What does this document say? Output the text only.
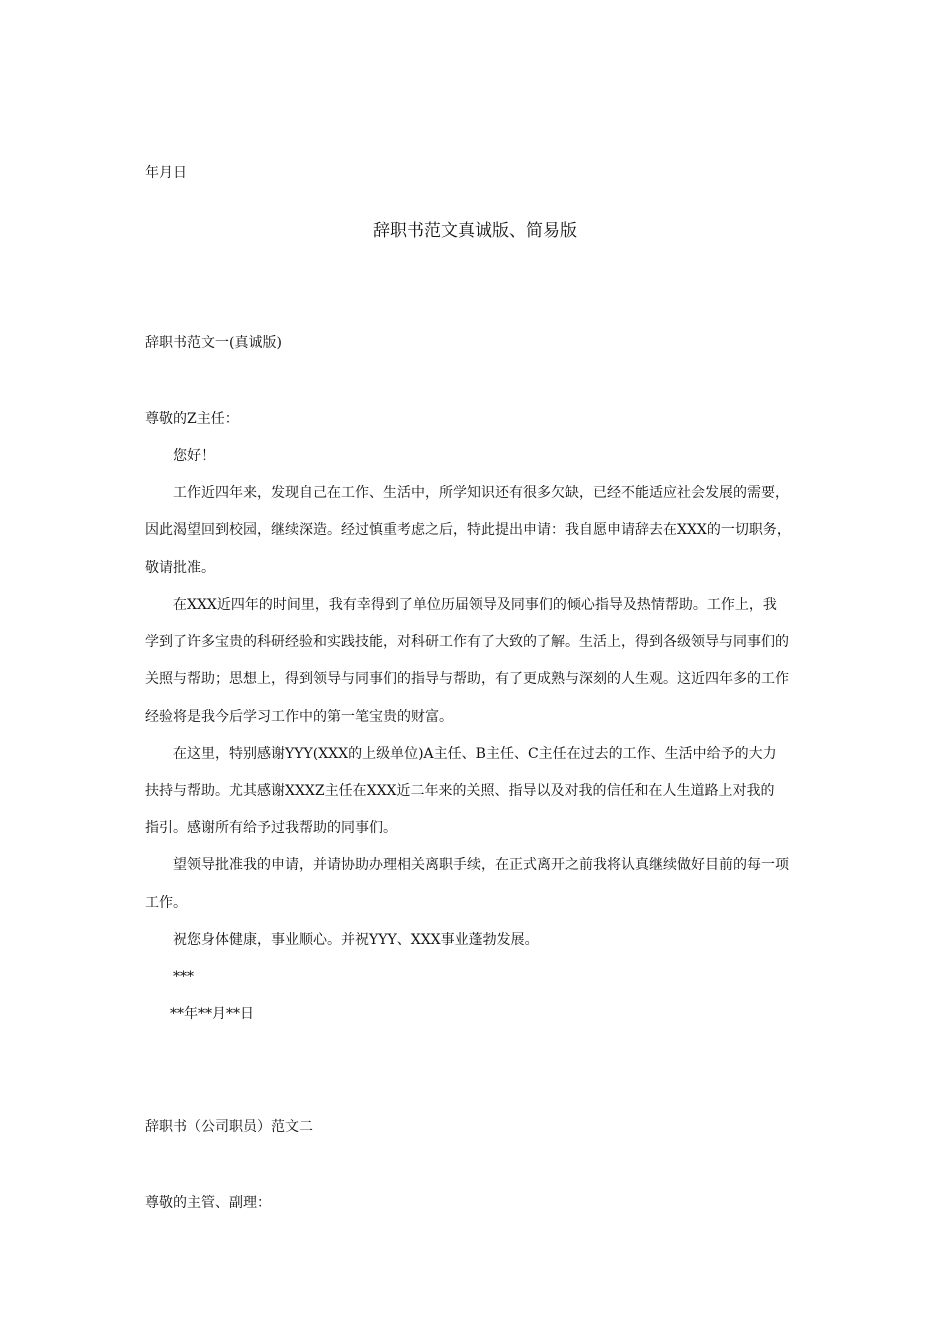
年月日
辞职书范文真诚版、简易版
辞职书范文一(真诚版)
尊敬的Z主任：
您好！
工作近四年来，发现自己在工作、生活中，所学知识还有很多欠缺，已经不能适应社会发展的需要，
因此渴望回到校园，继续深造。经过慎重考虑之后，特此提出申请：我自愿申请辞去在XXX的一切职务，
敬请批准。
在XXX近四年的时间里，我有幸得到了单位历届领导及同事们的倾心指导及热情帮助。工作上，我
学到了许多宝贵的科研经验和实践技能，对科研工作有了大致的了解。生活上，得到各级领导与同事们的
关照与帮助；思想上，得到领导与同事们的指导与帮助，有了更成熟与深刻的人生观。这近四年多的工作
经验将是我今后学习工作中的第一笔宝贵的财富。
在这里，特别感谢YYY(XXX的上级单位)A主任、B主任、C主任在过去的工作、生活中给予的大力
扶持与帮助。尤其感谢XXXZ主任在XXX近二年来的关照、指导以及对我的信任和在人生道路上对我的
指引。感谢所有给予过我帮助的同事们。
望领导批准我的申请，并请协助办理相关离职手续，在正式离开之前我将认真继续做好目前的每一项
工作。
祝您身体健康，事业顺心。并祝YYY、XXX事业蓬勃发展。
***
**年**月**日
辞职书（公司职员）范文二
尊敬的主管、副理：
